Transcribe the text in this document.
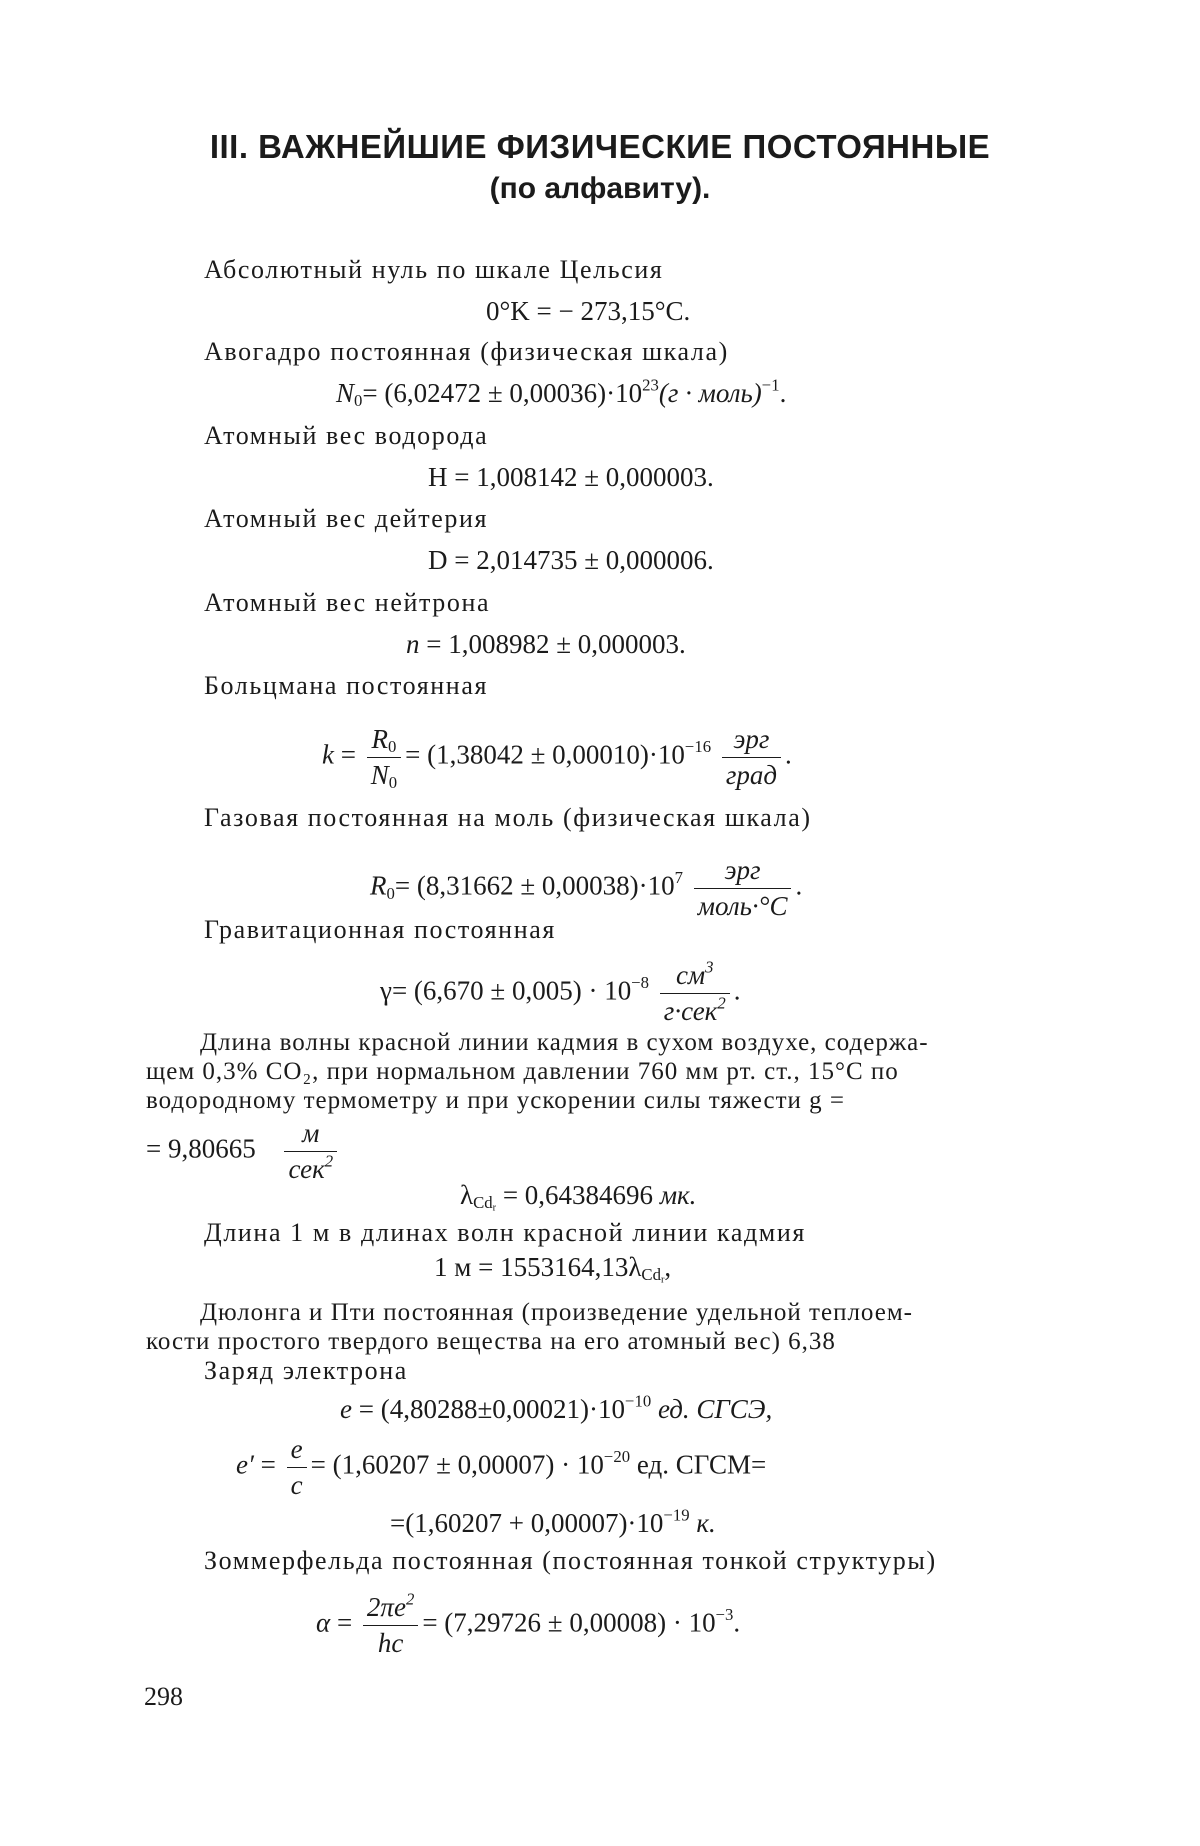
III. ВАЖНЕЙШИЕ ФИЗИЧЕСКИЕ ПОСТОЯННЫЕ
(по алфавиту).
Абсолютный нуль по шкале Цельсия
0°K = − 273,15°C.
Авогадро постоянная (физическая шкала)
$N_0= (6,02472 \pm 0,00036)\cdot 10^{23}(г$ · моль)$^{-1}$.
Атомный вес водорода
H = 1,008142 ± 0,000003.
Атомный вес дейтерия
D = 2,014735 ± 0,000006.
Атомный вес нейтрона
n = 1,008982 ± 0,000003.
Больцмана постоянная
$k = \frac{R_0}{N_0} = (1,38042 \pm 0,00010)\cdot 10^{-16} \frac{\text{эрг}}{\text{град}}$ .
Газовая постоянная на моль (физическая шкала)
$R_0= (8,31662 \pm 0,00038)\cdot 10^7 \frac{\text{эрг}}{\text{моль·°C}}$ .
Гравитационная постоянная
$\gamma= (6,670 \pm 0,005) \cdot 10^{-8} \frac{см^3}{г\cdot сек^2}$ .
Длина волны красной линии кадмия в сухом воздухе, содержа-
щем 0,3% CO₂, при нормальном давлении 760 мм рт. ст., 15°C по
водородному термометру и при ускорении силы тяжести g =
= $9,80665 \frac{м}{сек^2}$
$\lambda_{Cd_r} = 0,64384696$ мк.
Длина 1 м в длинах волн красной линии кадмия
1 $м = 1553164,13\lambda_{Cd_r}$,
Дюлонга и Пти постоянная (произведение удельной теплоем-
кости простого твердого вещества на его атомный вес) 6,38
Заряд электрона
$e = (4,80288\pm 0,00021)\cdot 10^{-10}$ ед. СГСЭ,
$e' = \frac{e}{c} = (1,60207 \pm 0,00007) \cdot 10^{-20}$ ед. СГСМ=
$=(1,60207 + 0,00007)\cdot 10^{-19}$ к.
Зоммерфельда постоянная (постоянная тонкой структуры)
$\alpha = \frac{2\pi e^2}{hc} = (7,29726 \pm 0,00008) \cdot 10^{-3}$.
298
